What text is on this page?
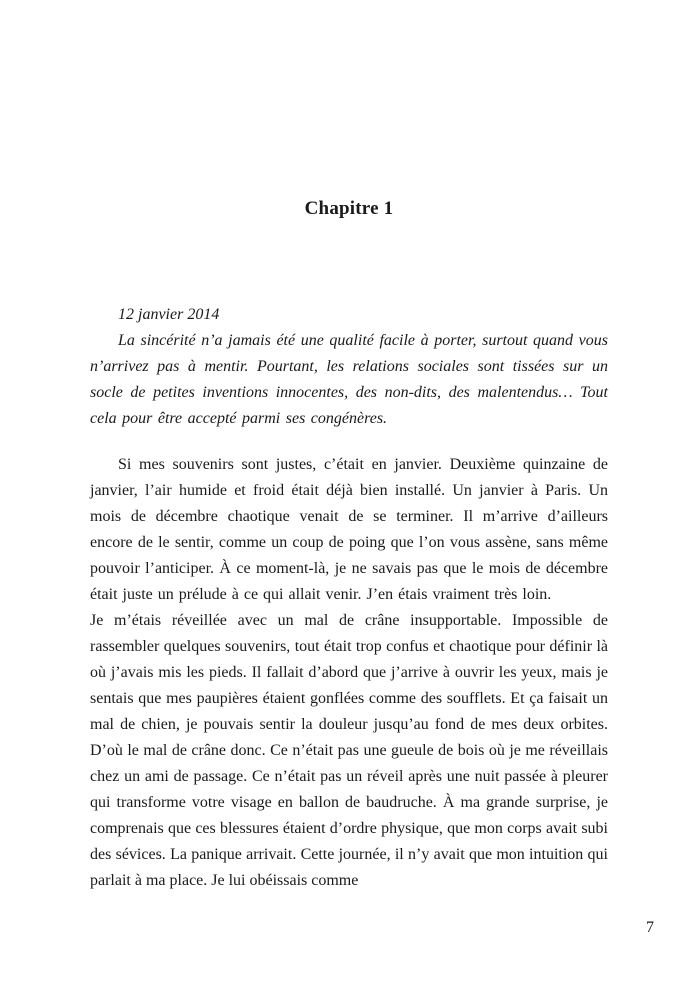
Chapitre 1

12 janvier 2014

La sincérité n’a jamais été une qualité facile à porter, surtout quand vous n’arrivez pas à mentir. Pourtant, les relations sociales sont tissées sur un socle de petites inventions innocentes, des non-dits, des malentendus… Tout cela pour être accepté parmi ses congénères.

Si mes souvenirs sont justes, c’était en janvier. Deuxième quinzaine de janvier, l’air humide et froid était déjà bien installé. Un janvier à Paris. Un mois de décembre chaotique venait de se terminer. Il m’arrive d’ailleurs encore de le sentir, comme un coup de poing que l’on vous assène, sans même pouvoir l’anticiper. À ce moment-là, je ne savais pas que le mois de décembre était juste un prélude à ce qui allait venir. J’en étais vraiment très loin.

Je m’étais réveillée avec un mal de crâne insupportable. Impossible de rassembler quelques souvenirs, tout était trop confus et chaotique pour définir là où j’avais mis les pieds. Il fallait d’abord que j’arrive à ouvrir les yeux, mais je sentais que mes paupières étaient gonflées comme des soufflets. Et ça faisait un mal de chien, je pouvais sentir la douleur jusqu’au fond de mes deux orbites. D’où le mal de crâne donc. Ce n’était pas une gueule de bois où je me réveillais chez un ami de passage. Ce n’était pas un réveil après une nuit passée à pleurer qui transforme votre visage en ballon de baudruche. À ma grande surprise, je comprenais que ces blessures étaient d’ordre physique, que mon corps avait subi des sévices. La panique arrivait. Cette journée, il n’y avait que mon intuition qui parlait à ma place. Je lui obéissais comme

7
